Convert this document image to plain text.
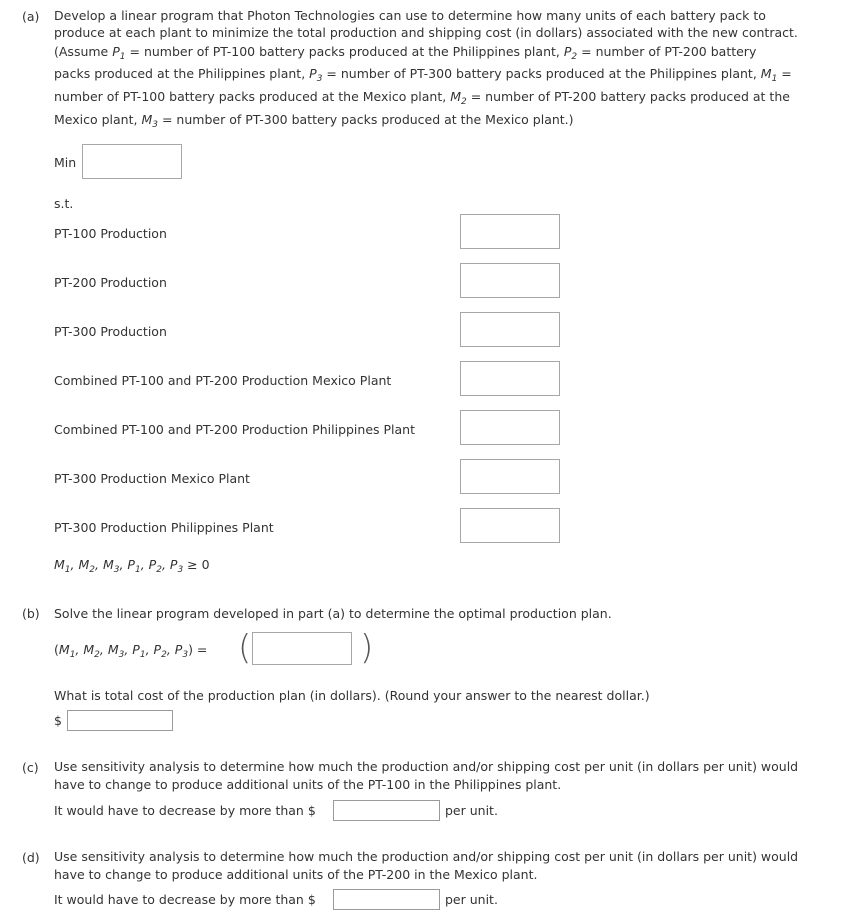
(a) Develop a linear program that Photon Technologies can use to determine how many units of each battery pack to
produce at each plant to minimize the total production and shipping cost (in dollars) associated with the new contract.
(Assume $P_1$ = number of PT-100 battery packs produced at the Philippines plant, $P_2$ = number of PT-200 battery
packs produced at the Philippines plant, $P_3$ = number of PT-300 battery packs produced at the Philippines plant, $M_1$ =
number of PT-100 battery packs produced at the Mexico plant, $M_2$ = number of PT-200 battery packs produced at the
Mexico plant, $M_3$ = number of PT-300 battery packs produced at the Mexico plant.)
Min
s.t.
PT-100 Production
PT-200 Production
PT-300 Production
Combined PT-100 and PT-200 Production Mexico Plant
Combined PT-100 and PT-200 Production Philippines Plant
PT-300 Production Mexico Plant
PT-300 Production Philippines Plant
$M_1$, $M_2$, $M_3$, $P_1$, $P_2$, $P_3 \ge 0$
(b) Solve the linear program developed in part (a) to determine the optimal production plan.
($M_1$, $M_2$, $M_3$, $P_1$, $P_2$, $P_3$) = (	)
What is total cost of the production plan (in dollars). (Round your answer to the nearest dollar.)
$
(c) Use sensitivity analysis to determine how much the production and/or shipping cost per unit (in dollars per unit) would
have to change to produce additional units of the PT-100 in the Philippines plant.
It would have to decrease by more than $	per unit.
(d) Use sensitivity analysis to determine how much the production and/or shipping cost per unit (in dollars per unit) would
have to change to produce additional units of the PT-200 in the Mexico plant.
It would have to decrease by more than $	per unit.
